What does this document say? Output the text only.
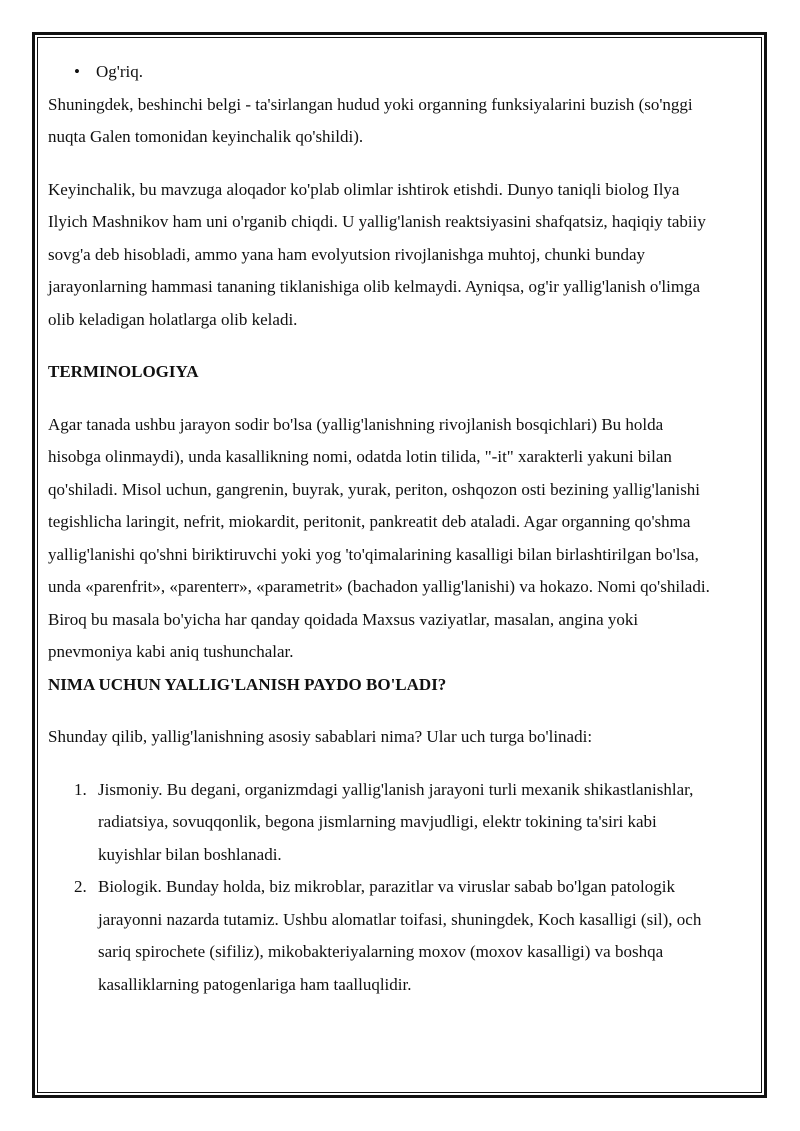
• Og'riq.

Shuningdek, beshinchi belgi - ta'sirlangan hudud yoki organning funksiyalarini buzish (so'nggi nuqta Galen tomonidan keyinchalik qo'shildi).

Keyinchalik, bu mavzuga aloqador ko'plab olimlar ishtirok etishdi. Dunyo taniqli biolog Ilya Ilyich Mashnikov ham uni o'rganib chiqdi. U yallig'lanish reaktsiyasini shafqatsiz, haqiqiy tabiiy sovg'a deb hisobladi, ammo yana ham evolyutsion rivojlanishga muhtoj, chunki bunday jarayonlarning hammasi tananing tiklanishiga olib kelmaydi. Ayniqsa, og'ir yallig'lanish o'limga olib keladigan holatlarga olib keladi.

TERMINOLOGIYA

Agar tanada ushbu jarayon sodir bo'lsa (yallig'lanishning rivojlanish bosqichlari) Bu holda hisobga olinmaydi), unda kasallikning nomi, odatda lotin tilida, "-it" xarakterli yakuni bilan qo'shiladi. Misol uchun, gangrenin, buyrak, yurak, periton, oshqozon osti bezining yallig'lanishi tegishlicha laringit, nefrit, miokardit, peritonit, pankreatit deb ataladi. Agar organning qo'shma yallig'lanishi qo'shni biriktiruvchi yoki yog 'to'qimalarining kasalligi bilan birlashtirilgan bo'lsa, unda «parenfrit», «parenterr», «parametrit» (bachadon yallig'lanishi) va hokazo. Nomi qo'shiladi. Biroq bu masala bo'yicha har qanday qoidada Maxsus vaziyatlar, masalan, angina yoki pnevmoniya kabi aniq tushunchalar.

NIMA UCHUN YALLIG'LANISH PAYDO BO'LADI?

Shunday qilib, yallig'lanishning asosiy sabablari nima? Ular uch turga bo'linadi:

1. Jismoniy. Bu degani, organizmdagi yallig'lanish jarayoni turli mexanik shikastlanishlar, radiatsiya, sovuqqonlik, begona jismlarning mavjudligi, elektr tokining ta'siri kabi kuyishlar bilan boshlanadi.
2. Biologik. Bunday holda, biz mikroblar, parazitlar va viruslar sabab bo'lgan patologik jarayonni nazarda tutamiz. Ushbu alomatlar toifasi, shuningdek, Koch kasalligi (sil), och sariq spirochete (sifiliz), mikobakteriyalarning moxov (moxov kasalligi) va boshqa kasalliklarning patogenlariga ham taalluqlidir.
